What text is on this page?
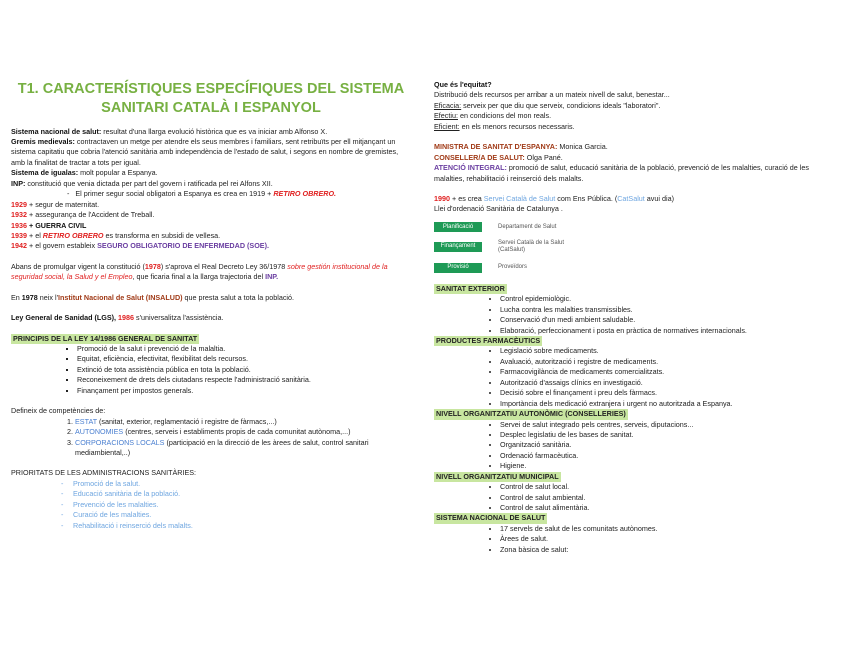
T1. CARACTERÍSTIQUES ESPECÍFIQUES DEL SISTEMA SANITARI CATALÀ I ESPANYOL

Sistema nacional de salut: resultat d'una llarga evolució històrica que es va iniciar amb Alfonso X.

Gremis medievals: contractaven un metge per atendre els seus membres i familiars, sent retribuïts per ell mitjançant un sistema capitatiu que cobria l'atenció sanitària amb independència de l'estado de salut, i segons en nombre de gremistes, amb la finalitat de tractar a tots per igual.

Sistema de igualas: molt popular a Espanya.

INP: constitució que venia dictada per part del govern i ratificada pel rei Alfons XII.

-   El primer segur social obligatori a Espanya es crea en 1919 + RETIRO OBRERO.

1929 + segur de maternitat.

1932 + assegurança de l'Accident de Treball.

1936 + GUERRA CIVIL

1939 + el RETIRO OBRERO es transforma en subsidi de vellesa.

1942 + el govern estableix SEGURO OBLIGATORIO DE ENFERMEDAD (SOE).

Abans de promulgar vigent la constitució (1978) s'aprova el Real Decreto Ley 36/1978 sobre gestión institucional de la seguridad social, la Salud y el Empleo, que ficaria final a la llarga trajectoria del INP.

En 1978 neix l'Institut Nacional de Salut (INSALUD) que presta salut a tota la població.

Ley General de Sanidad (LGS), 1986 s'universalitza l'assistència.

PRINCIPIS DE LA LEY 14/1986 GENERAL DE SANITAT
▪ Promoció de la salut i prevenció de la malaltia.
▪ Equitat, eficiència, efectivitat, flexibilitat dels recursos.
▪ Extinció de tota assistència pública en tota la població.
▪ Reconeixement de drets dels ciutadans respecte l'administració sanitària.
▪ Finançament per impostos generals.

Defineix de competències de:

1. ESTAT (sanitat, exterior, reglamentació i registre de fàrmacs,...)
2. AUTONOMIES (centres, serveis i establiments propis de cada comunitat autònoma,...)
3. CORPORACIONS LOCALS (participació en la direcció de les àrees de salut, control sanitari mediambiental,..)

PRIORITATS DE LES ADMINISTRACIONS SANITÀRIES:

- Promoció de la salut.
- Educació sanitària de la població.
- Prevenció de les malalties.
- Curació de les malalties.
- Rehabilitació i reinserció dels malalts.

Que és l'equitat?

Distribució dels recursos per arribar a un mateix nivell de salut, benestar...

Eficacia: serveix per que diu que serveix, condicions ideals "laboratori".

Efectiu: en condicions del mon reals.

Eficient: en els menors recursos necessaris.

MINISTRA DE SANITAT D'ESPANYA: Monica Garcia.

CONSELLER/A DE SALUT: Olga Pané.

ATENCIÓ INTEGRAL: promoció de salut, educació sanitària de la població, prevenció de les malalties, curació de les malalties, rehabilitació i reinserció dels malalts.

1990 + es crea Servei Català de Salut com Ens Pública. (CatSalut avui dia)

Llei d'ordenació Sanitària de Catalunya .

Planificació	Departament de Salut
Finançament
Servei Català de la Salut (CatSalut)
Provisió	Proveïdors
SANITAT EXTERIOR
• Control epidemiològic.
• Lucha contra les malalties transmissibles.
• Conservació d'un medi ambient saludable.
• Elaboració, perfeccionament i posta en pràctica de normatives internacionals.
PRODUCTES FARMACÈUTICS
• Legislació sobre medicaments.
• Avaluació, autorització i registre de medicaments.
• Farmacovigilància de medicaments comercialitzats.
• Autorització d'assaigs clínics en investigació.
• Decisió sobre el finançament i preu dels fàrmacs.
• Importància dels medicació extranjera i urgent no autoritzada a Espanya.
NIVELL ORGANITZATIU AUTONÒMIC (CONSELLERIES)
• Servei de salut integrado pels centres, serveis, diputacions...
• Desplec legislatiu de les bases de sanitat.
• Organització sanitària.
• Ordenació farmacèutica.
• Higiene.
NIVELL ORGANITZATIU MUNICIPAL
• Control de salut local.
• Control de salut ambiental.
• Control de salut alimentària.
SISTEMA NACIONAL DE SALUT
• 17 servels de salut de les comunitats autònomes.
• Àrees de salut.
• Zona bàsica de salut:
